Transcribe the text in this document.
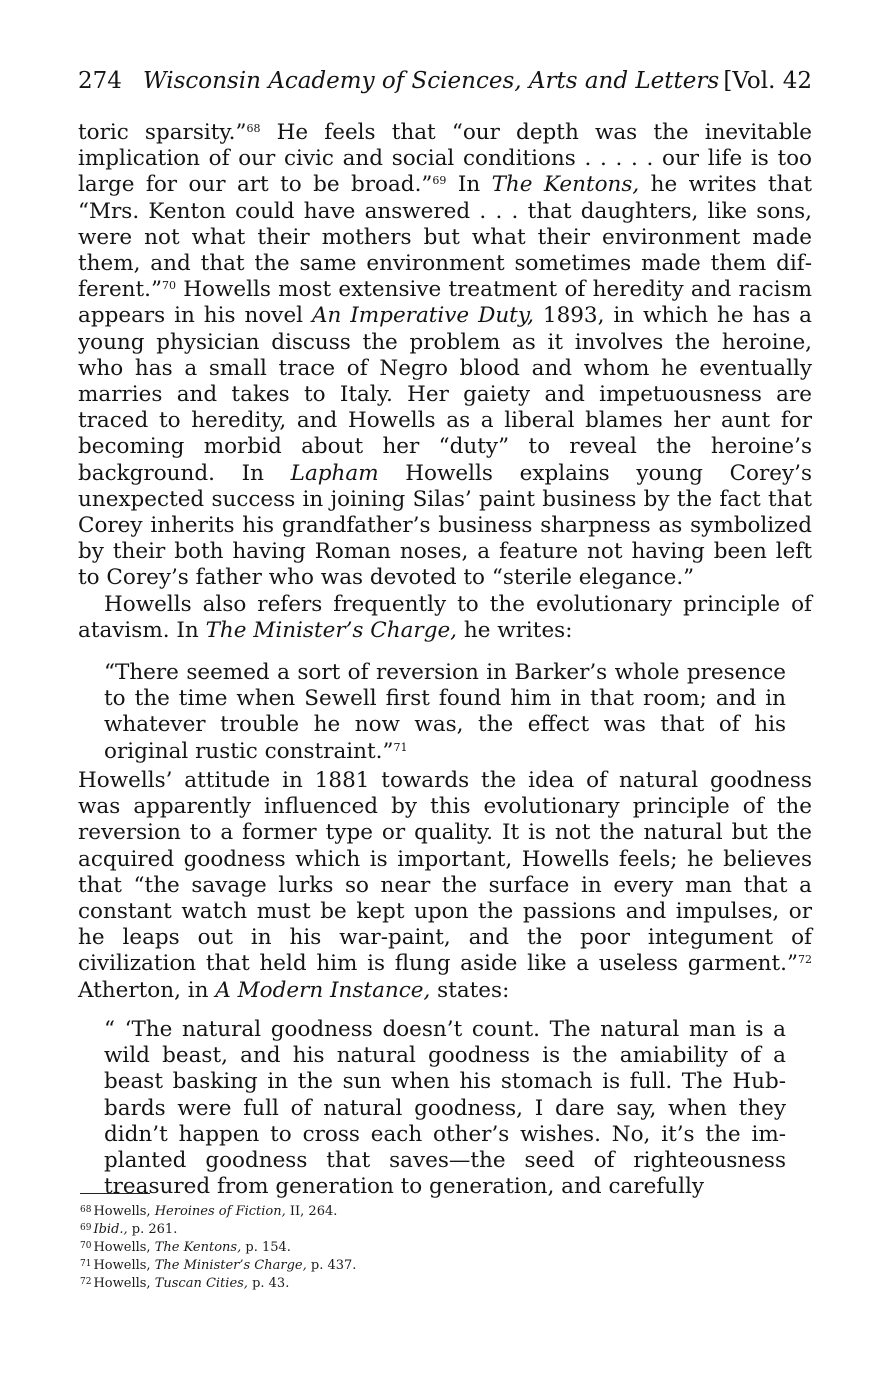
274 Wisconsin Academy of Sciences, Arts and Letters [Vol. 42

toric sparsity.”$^{68}$ He feels that “our depth was the inevitable implication of our civic and social conditions . . . . . our life is too large for our art to be broad.”$^{69}$ In The Kentons, he writes that “Mrs. Kenton could have answered . . . that daughters, like sons, were not what their mothers but what their environment made them, and that the same environment sometimes made them different.”$^{70}$ Howells most extensive treatment of heredity and racism appears in his novel An Imperative Duty, 1893, in which he has a young physician discuss the problem as it involves the heroine, who has a small trace of Negro blood and whom he eventually marries and takes to Italy. Her gaiety and impetuousness are traced to heredity, and Howells as a liberal blames her aunt for becoming morbid about her “duty” to reveal the heroine’s background. In Lapham Howells explains young Corey’s unexpected success in joining Silas’ paint business by the fact that Corey inherits his grandfather’s business sharpness as symbolized by their both having Roman noses, a feature not having been left to Corey’s father who was devoted to “sterile elegance.”

Howells also refers frequently to the evolutionary principle of atavism. In The Minister’s Charge, he writes:

“There seemed a sort of reversion in Barker’s whole presence to the time when Sewell first found him in that room; and in whatever trouble he now was, the effect was that of his original rustic constraint.”$^{71}$

Howells’ attitude in 1881 towards the idea of natural goodness was apparently influenced by this evolutionary principle of the reversion to a former type or quality. It is not the natural but the acquired goodness which is important, Howells feels; he believes that “the savage lurks so near the surface in every man that a constant watch must be kept upon the passions and impulses, or he leaps out in his war-paint, and the poor integument of civilization that held him is flung aside like a useless garment.”$^{72}$ Atherton, in A Modern Instance, states:

“ ‘The natural goodness doesn’t count. The natural man is a wild beast, and his natural goodness is the amiability of a beast basking in the sun when his stomach is full. The Hubbards were full of natural goodness, I dare say, when they didn’t happen to cross each other’s wishes. No, it’s the implanted goodness that saves—the seed of righteousness treasured from generation to generation, and carefully

$^{68}$ Howells, Heroines of Fiction, II, 264.
$^{69}$ Ibid., p. 261.
$^{70}$ Howells, The Kentons, p. 154.
$^{71}$ Howells, The Minister’s Charge, p. 437.
$^{72}$ Howells, Tuscan Cities, p. 43.
